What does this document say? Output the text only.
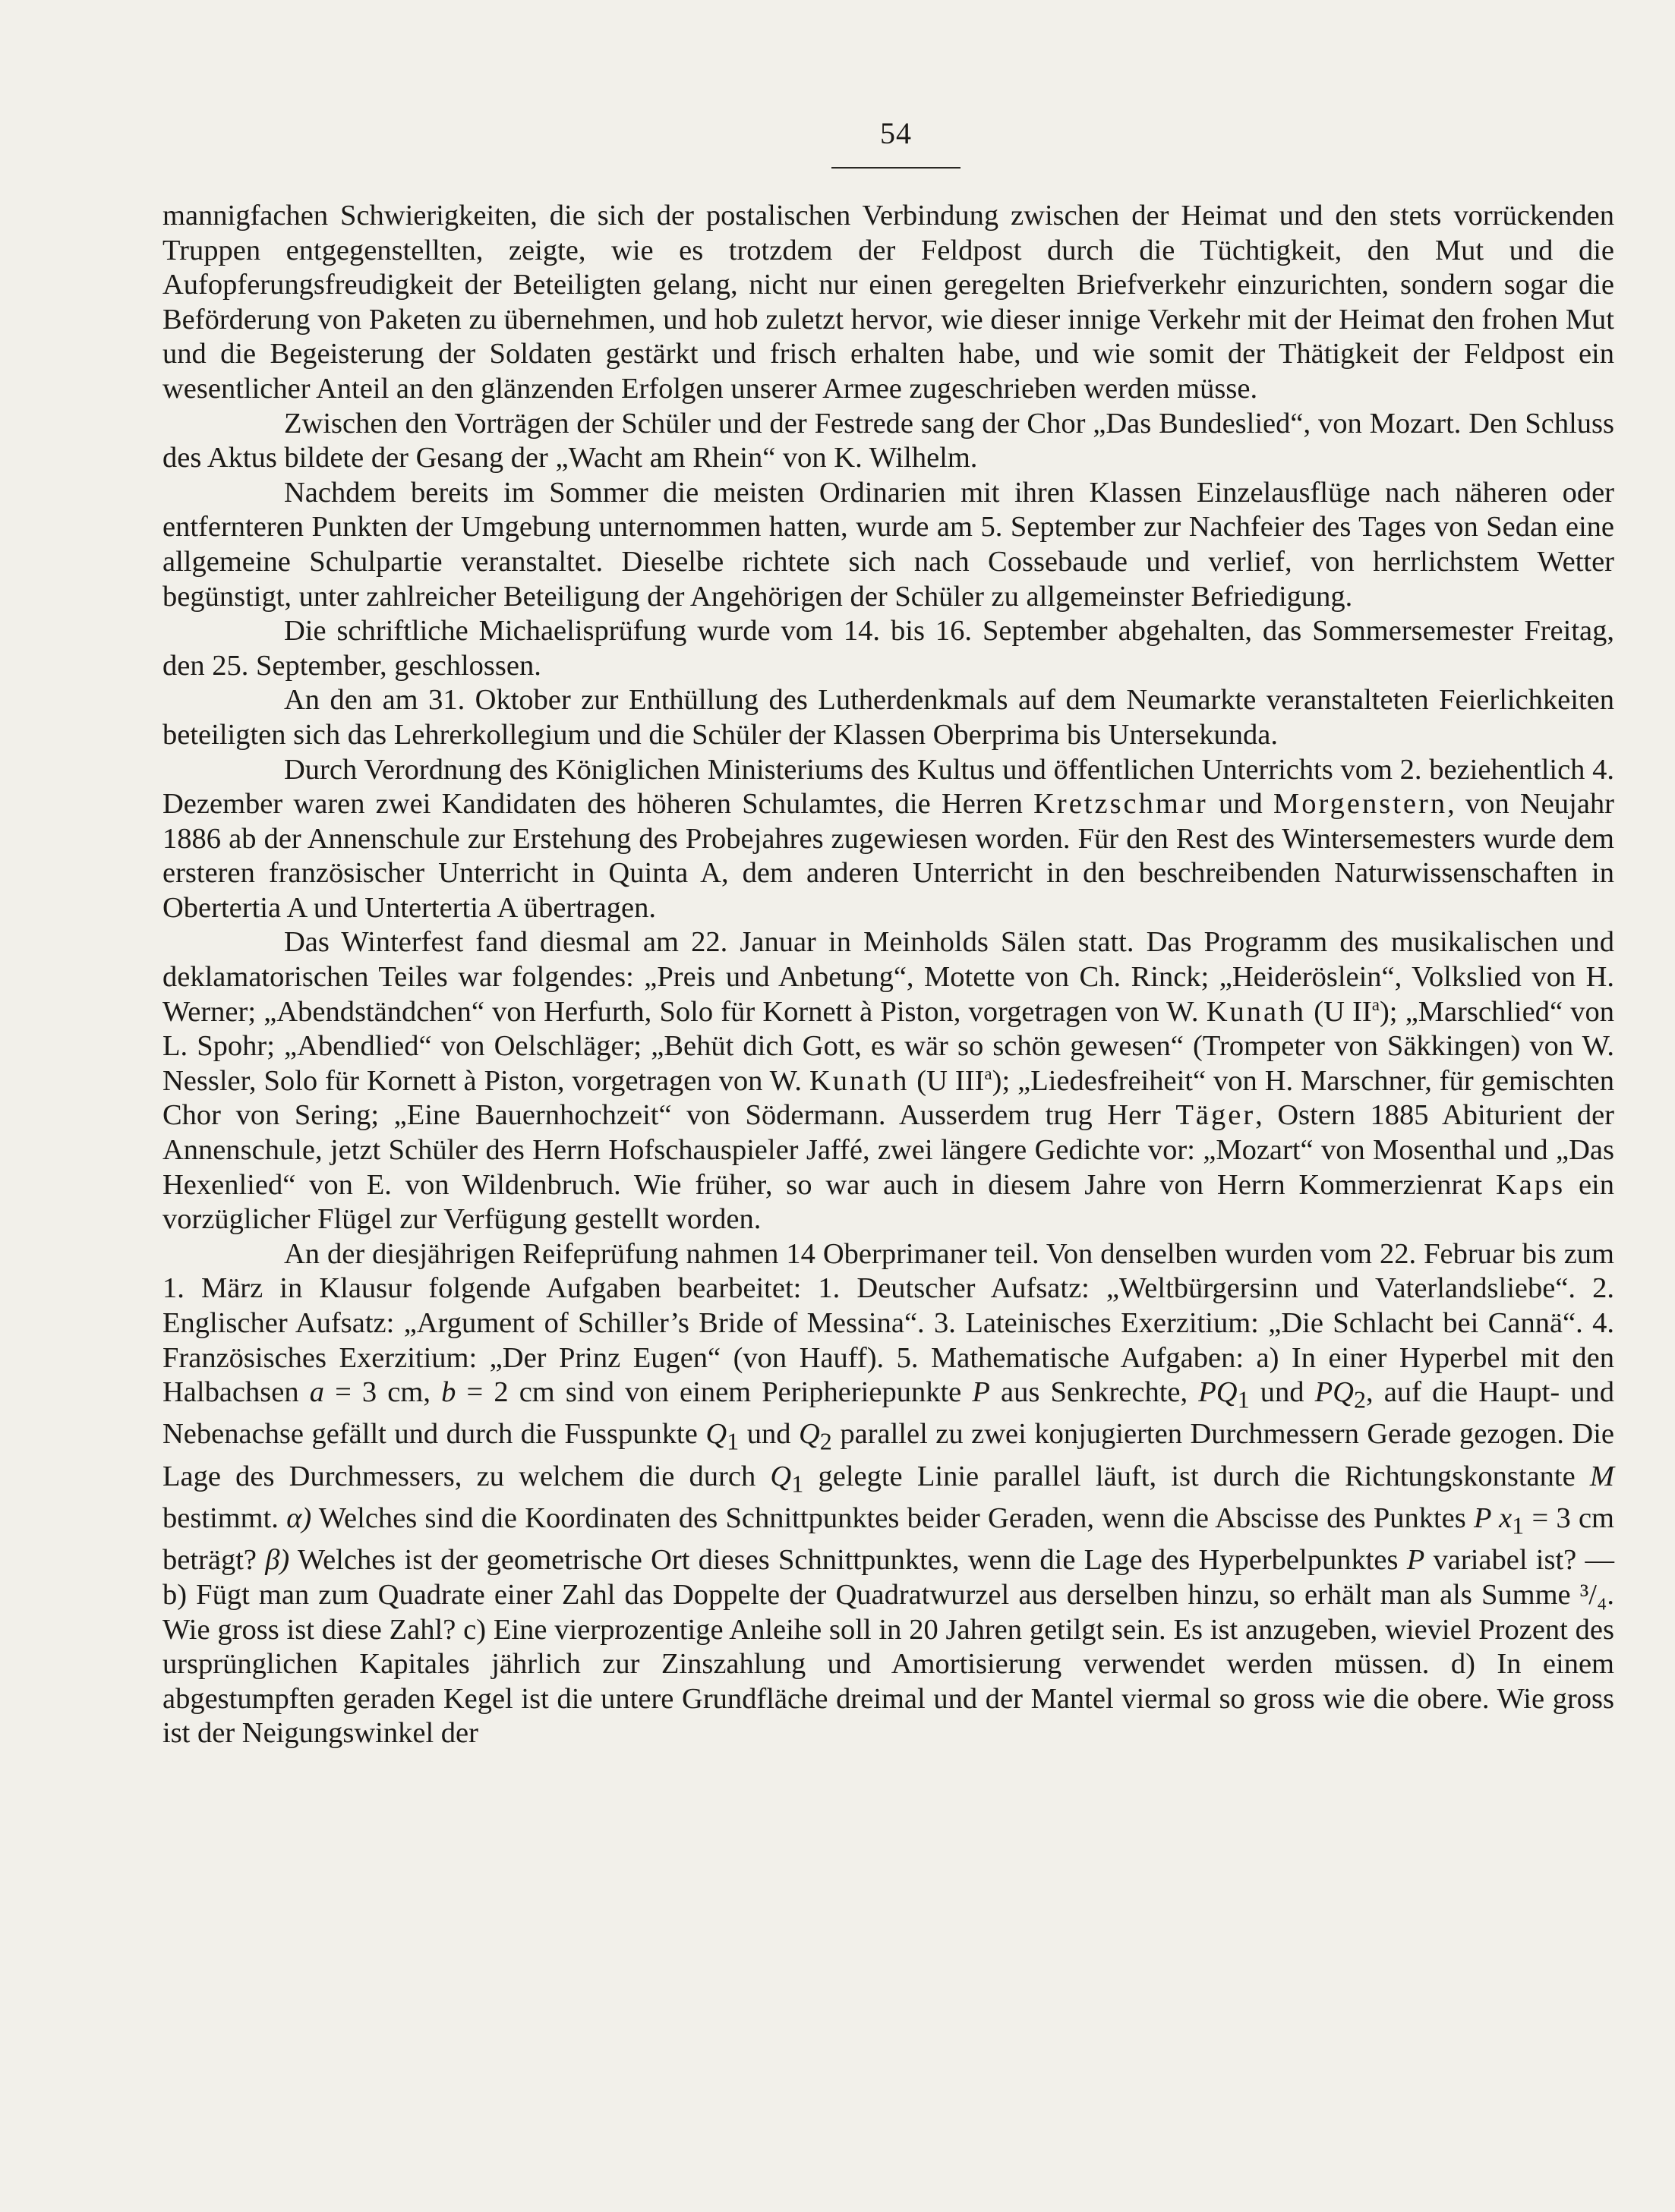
54

mannigfachen Schwierigkeiten, die sich der postalischen Verbindung zwischen der Heimat und den stets vorrückenden Truppen entgegenstellten, zeigte, wie es trotzdem der Feldpost durch die Tüchtigkeit, den Mut und die Aufopferungsfreudigkeit der Beteiligten gelang, nicht nur einen geregelten Briefverkehr einzurichten, sondern sogar die Beförderung von Paketen zu übernehmen, und hob zuletzt hervor, wie dieser innige Verkehr mit der Heimat den frohen Mut und die Begeisterung der Soldaten gestärkt und frisch erhalten habe, und wie somit der Thätigkeit der Feldpost ein wesentlicher Anteil an den glänzenden Erfolgen unserer Armee zugeschrieben werden müsse.

Zwischen den Vorträgen der Schüler und der Festrede sang der Chor „Das Bundeslied“, von Mozart. Den Schluss des Aktus bildete der Gesang der „Wacht am Rhein“ von K. Wilhelm.

Nachdem bereits im Sommer die meisten Ordinarien mit ihren Klassen Einzelausflüge nach näheren oder entfernteren Punkten der Umgebung unternommen hatten, wurde am 5. September zur Nachfeier des Tages von Sedan eine allgemeine Schulpartie veranstaltet. Dieselbe richtete sich nach Cossebaude und verlief, von herrlichstem Wetter begünstigt, unter zahlreicher Beteiligung der Angehörigen der Schüler zu allgemeinster Befriedigung.

Die schriftliche Michaelisprüfung wurde vom 14. bis 16. September abgehalten, das Sommersemester Freitag, den 25. September, geschlossen.

An den am 31. Oktober zur Enthüllung des Lutherdenkmals auf dem Neumarkte veranstalteten Feierlichkeiten beteiligten sich das Lehrerkollegium und die Schüler der Klassen Oberprima bis Untersekunda.

Durch Verordnung des Königlichen Ministeriums des Kultus und öffentlichen Unterrichts vom 2. beziehentlich 4. Dezember waren zwei Kandidaten des höheren Schulamtes, die Herren Kretzschmar und Morgenstern, von Neujahr 1886 ab der Annenschule zur Erstehung des Probejahres zugewiesen worden. Für den Rest des Wintersemesters wurde dem ersteren französischer Unterricht in Quinta A, dem anderen Unterricht in den beschreibenden Naturwissenschaften in Obertertia A und Untertertia A übertragen.

Das Winterfest fand diesmal am 22. Januar in Meinholds Sälen statt. Das Programm des musikalischen und deklamatorischen Teiles war folgendes: „Preis und Anbetung“, Motette von Ch. Rinck; „Heideröslein“, Volkslied von H. Werner; „Abendständchen“ von Herfurth, Solo für Kornett à Piston, vorgetragen von W. Kunath (U $II^a$); „Marschlied“ von L. Spohr; „Abendlied“ von Oelschläger; „Behüt dich Gott, es wär so schön gewesen“ (Trompeter von Säkkingen) von W. Nessler, Solo für Kornett à Piston, vorgetragen von W. Kunath (U III$^a$); „Liedesfreiheit“ von H. Marschner, für gemischten Chor von Sering; „Eine Bauernhochzeit“ von Södermann. Ausserdem trug Herr Täger, Ostern 1885 Abiturient der Annenschule, jetzt Schüler des Herrn Hofschauspieler Jaffé, zwei längere Gedichte vor: „Mozart“ von Mosenthal und „Das Hexenlied“ von E. von Wildenbruch. Wie früher, so war auch in diesem Jahre von Herrn Kommerzienrat Kaps ein vorzüglicher Flügel zur Verfügung gestellt worden.

An der diesjährigen Reifeprüfung nahmen 14 Oberprimaner teil. Von denselben wurden vom 22. Februar bis zum 1. März in Klausur folgende Aufgaben bearbeitet: 1. Deutscher Aufsatz: „Weltbürgersinn und Vaterlandsliebe“. 2. Englischer Aufsatz: „Argument of Schiller’s Bride of Messina“. 3. Lateinisches Exerzitium: „Die Schlacht bei Cannä“. 4. Französisches Exerzitium: „Der Prinz Eugen“ (von Hauff). 5. Mathematische Aufgaben: a) In einer Hyperbel mit den Halbachsen a = 3 cm, b = 2 cm sind von einem Peripheriepunkte P aus Senkrechte, $PQ_1$ und $PQ_2$, auf die Haupt- und Nebenachse gefällt und durch die Fusspunkte $Q_1$ und $Q_2$ parallel zu zwei konjugierten Durchmessern Gerade gezogen. Die Lage des Durchmessers, zu welchem die durch $Q_1$ gelegte Linie parallel läuft, ist durch die Richtungskonstante M bestimmt. α) Welches sind die Koordinaten des Schnittpunktes beider Geraden, wenn die Abscisse des Punktes P $x_1 = 3$ cm beträgt? β) Welches ist der geometrische Ort dieses Schnittpunktes, wenn die Lage des Hyperbelpunktes P variabel ist? — b) Fügt man zum Quadrate einer Zahl das Doppelte der Quadratwurzel aus derselben hinzu, so erhält man als Summe ³/₄. Wie gross ist diese Zahl? c) Eine vierprozentige Anleihe soll in 20 Jahren getilgt sein. Es ist anzugeben, wieviel Prozent des ursprünglichen Kapitales jährlich zur Zinszahlung und Amortisierung verwendet werden müssen. d) In einem abgestumpften geraden Kegel ist die untere Grundfläche dreimal und der Mantel viermal so gross wie die obere. Wie gross ist der Neigungswinkel der
